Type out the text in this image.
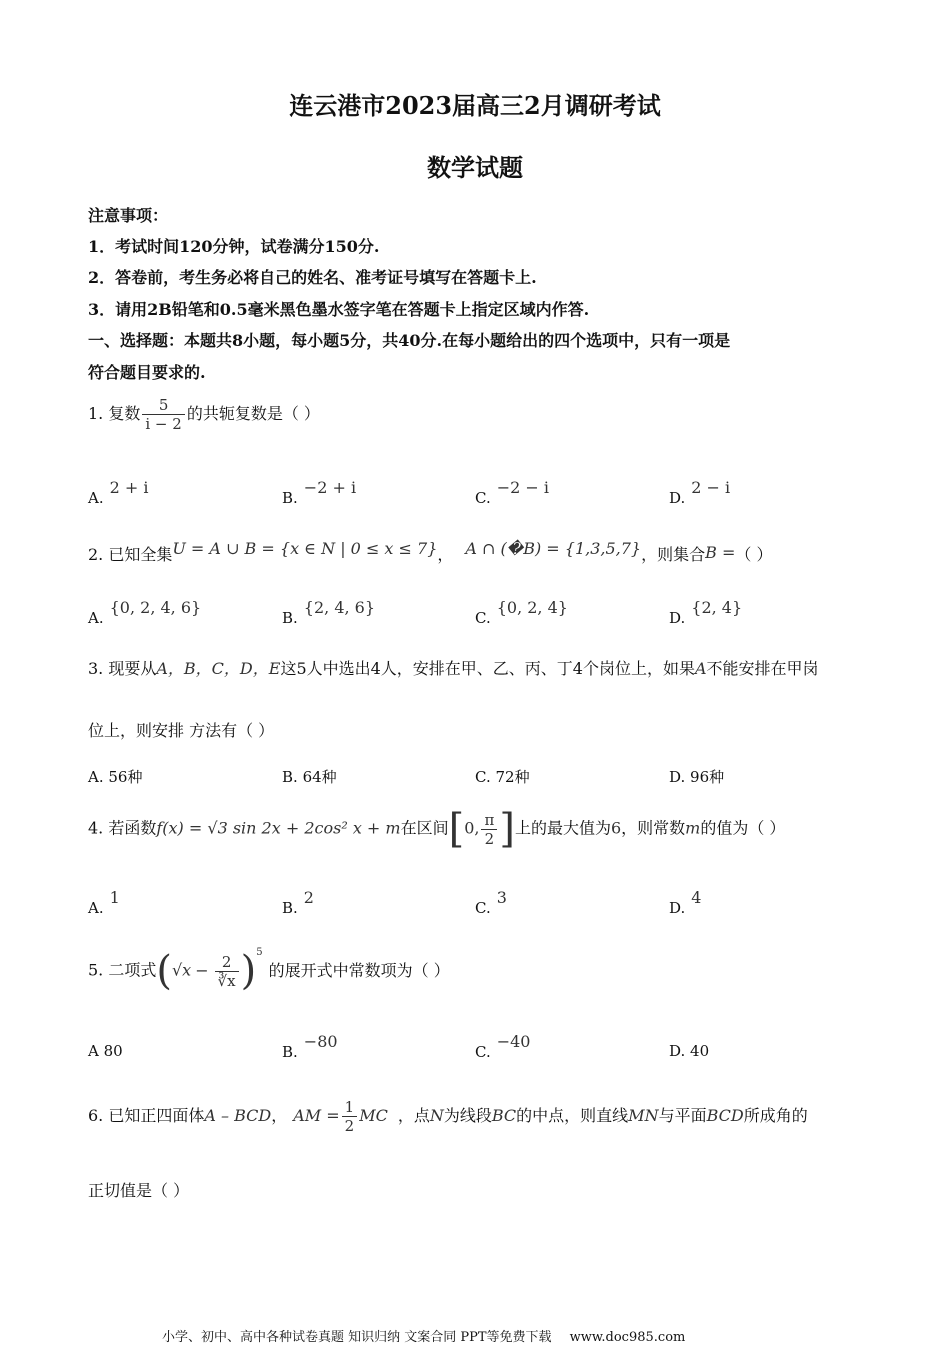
连云港市2023届高三2月调研考试
数学试题
注意事项：
1．考试时间120分钟，试卷满分150分.
2．答卷前，考生务必将自己的姓名、准考证号填写在答题卡上.
3．请用2B铅笔和0.5毫米黑色墨水签字笔在答题卡上指定区域内作答.
一、选择题：本题共8小题，每小题5分，共40分.在每小题给出的四个选项中，只有一项是
符合题目要求的.
1. 复数 $\frac{5}{i - 2}$ 的共轭复数是（ ）
A.2 + i
B.−2 + i
C.−2 − i
D.2 − i
2. 已知全集U = A ∪ B = {x ∈ N | 0 ≤ x ≤ 7}， A ∩ (�B) = {1,3,5,7}，则集合B =（ ）
A.{0, 2, 4, 6}
B.{2, 4, 6}
C.{0, 2, 4}
D.{2, 4}
3. 现要从A，B，C，D，E这5人中选出4人，安排在甲、乙、丙、丁4个岗位上，如果A不能安排在甲岗
位上，则安排 方法有（ ）
A. 56种	B. 64种	C. 72种	D. 96种
4. 若函数f(x) = √3 sin 2x + 2cos² x + m在区间[0, $\frac{\pi}{2}$ ]上的最大值为6，则常数m的值为（ ）
A.1
B.2
C.3
D.4
5. 二项式$(√x - \frac{2}{∛x} )^5$的展开式中常数项为（ ）
A 80	B.−80
C.−40	D. 40
6. 已知正四面体A – BCD， AM = $\frac{1}{2}$ MC ，点N为线段BC的中点，则直线MN与平面BCD所成角的
正切值是（ ）
小学、初中、高中各种试卷真题 知识归纳 文案合同 PPT等免费下载 www.doc985.com
